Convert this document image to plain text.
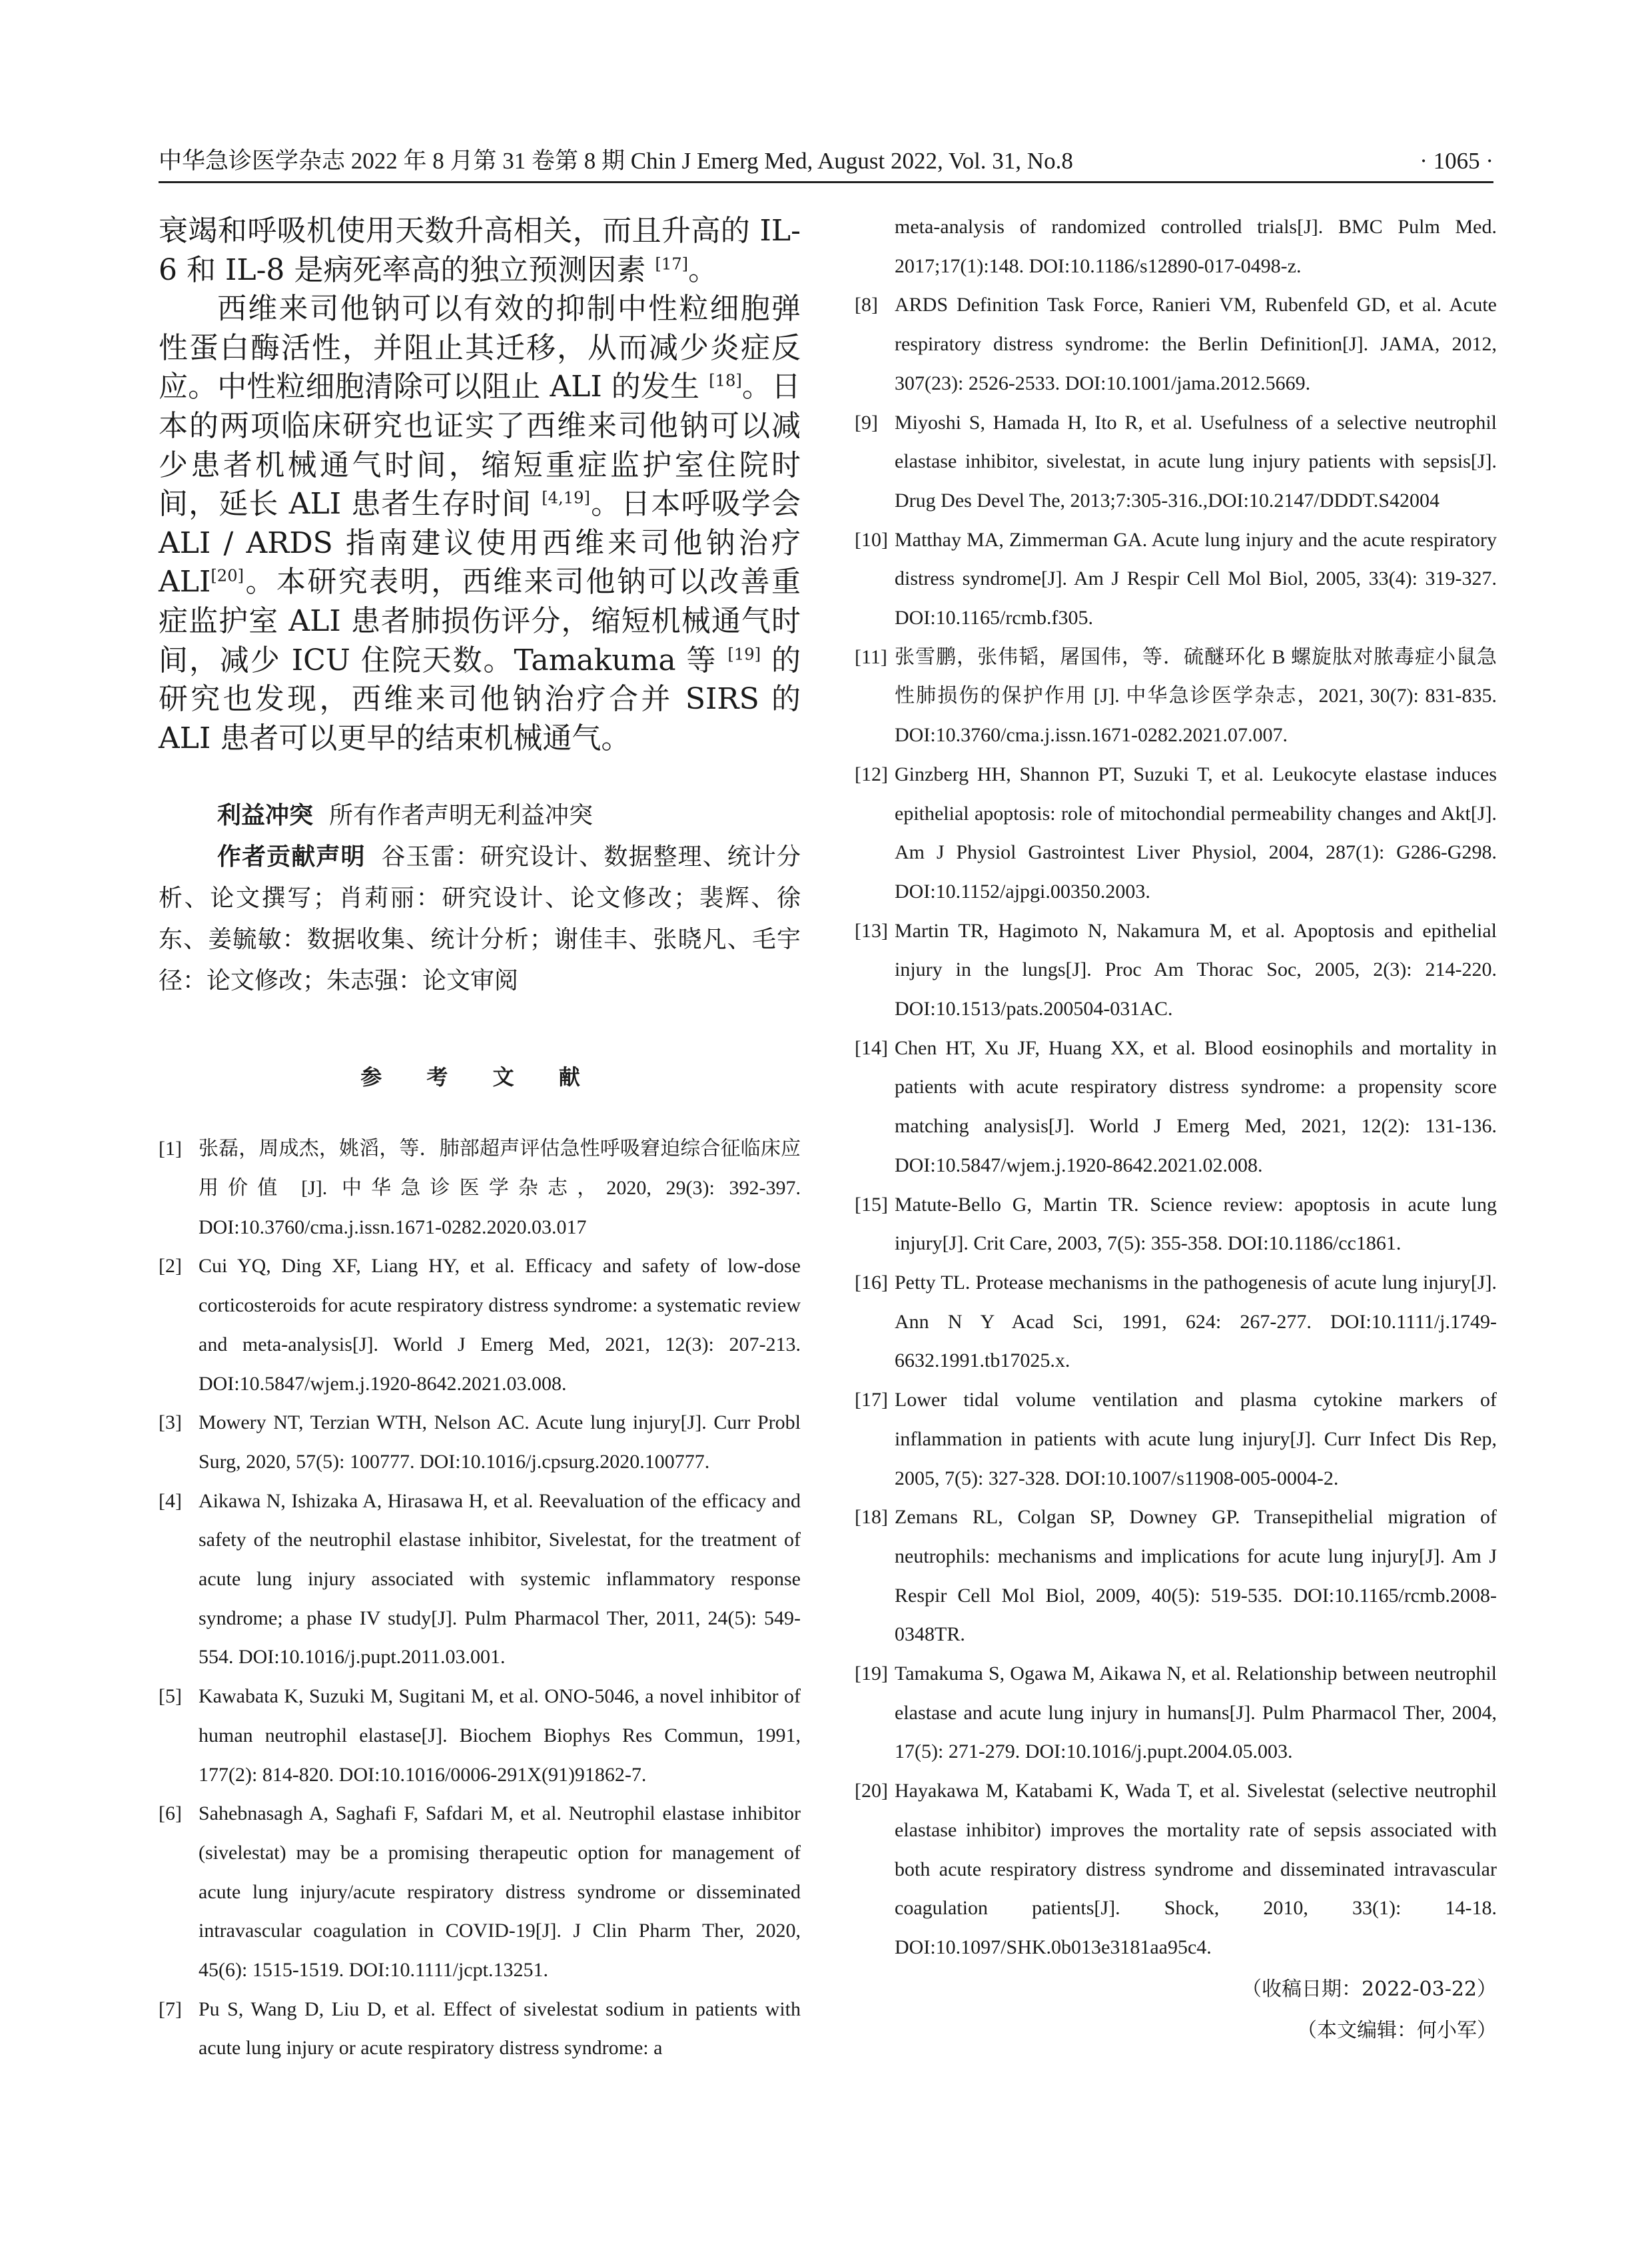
中华急诊医学杂志 2022 年 8 月第 31 卷第 8 期 Chin J Emerg Med, August 2022, Vol. 31, No.8	· 1065 ·

衰竭和呼吸机使用天数升高相关，而且升高的 IL-6 和 IL-8 是病死率高的独立预测因素 [17]。

西维来司他钠可以有效的抑制中性粒细胞弹性蛋白酶活性，并阻止其迁移，从而减少炎症反应。中性粒细胞清除可以阻止 ALI 的发生 [18]。日本的两项临床研究也证实了西维来司他钠可以减少患者机械通气时间，缩短重症监护室住院时间，延长 ALI 患者生存时间 [4,19]。日本呼吸学会 ALI / ARDS 指南建议使用西维来司他钠治疗 ALI[20]。本研究表明，西维来司他钠可以改善重症监护室 ALI 患者肺损伤评分，缩短机械通气时间，减少 ICU 住院天数。Tamakuma 等 [19] 的研究也发现，西维来司他钠治疗合并 SIRS 的 ALI 患者可以更早的结束机械通气。

利益冲突 所有作者声明无利益冲突

作者贡献声明 谷玉雷：研究设计、数据整理、统计分析、论文撰写；肖莉丽：研究设计、论文修改；裴辉、徐东、姜毓敏：数据收集、统计分析；谢佳丰、张晓凡、毛宇径：论文修改；朱志强：论文审阅

参 考 文 献
[1] 张磊，周成杰，姚滔，等．肺部超声评估急性呼吸窘迫综合征临床应用价值 [J]. 中华急诊医学杂志，2020, 29(3): 392-397. DOI:10.3760/cma.j.issn.1671-0282.2020.03.017
[2] Cui YQ, Ding XF, Liang HY, et al. Efficacy and safety of low-dose corticosteroids for acute respiratory distress syndrome: a systematic review and meta-analysis[J]. World J Emerg Med, 2021, 12(3): 207-213. DOI:10.5847/wjem.j.1920-8642.2021.03.008.
[3] Mowery NT, Terzian WTH, Nelson AC. Acute lung injury[J]. Curr Probl Surg, 2020, 57(5): 100777. DOI:10.1016/j.cpsurg.2020.100777.
[4] Aikawa N, Ishizaka A, Hirasawa H, et al. Reevaluation of the efficacy and safety of the neutrophil elastase inhibitor, Sivelestat, for the treatment of acute lung injury associated with systemic inflammatory response syndrome; a phase IV study[J]. Pulm Pharmacol Ther, 2011, 24(5): 549-554. DOI:10.1016/j.pupt.2011.03.001.
[5] Kawabata K, Suzuki M, Sugitani M, et al. ONO-5046, a novel inhibitor of human neutrophil elastase[J]. Biochem Biophys Res Commun, 1991, 177(2): 814-820. DOI:10.1016/0006-291X(91)91862-7.
[6] Sahebnasagh A, Saghafi F, Safdari M, et al. Neutrophil elastase inhibitor (sivelestat) may be a promising therapeutic option for management of acute lung injury/acute respiratory distress syndrome or disseminated intravascular coagulation in COVID-19[J]. J Clin Pharm Ther, 2020, 45(6): 1515-1519. DOI:10.1111/jcpt.13251.
[7] Pu S, Wang D, Liu D, et al. Effect of sivelestat sodium in patients with acute lung injury or acute respiratory distress syndrome: a
meta-analysis of randomized controlled trials[J]. BMC Pulm Med. 2017;17(1):148. DOI:10.1186/s12890-017-0498-z.
[8] ARDS Definition Task Force, Ranieri VM, Rubenfeld GD, et al. Acute respiratory distress syndrome: the Berlin Definition[J]. JAMA, 2012, 307(23): 2526-2533. DOI:10.1001/jama.2012.5669.
[9] Miyoshi S, Hamada H, Ito R, et al. Usefulness of a selective neutrophil elastase inhibitor, sivelestat, in acute lung injury patients with sepsis[J]. Drug Des Devel The, 2013;7:305-316.,DOI:10.2147/DDDT.S42004
[10] Matthay MA, Zimmerman GA. Acute lung injury and the acute respiratory distress syndrome[J]. Am J Respir Cell Mol Biol, 2005, 33(4): 319-327. DOI:10.1165/rcmb.f305.
[11] 张雪鹏，张伟韬，屠国伟，等．硫醚环化 B 螺旋肽对脓毒症小鼠急性肺损伤的保护作用 [J]. 中华急诊医学杂志，2021, 30(7): 831-835. DOI:10.3760/cma.j.issn.1671-0282.2021.07.007.
[12] Ginzberg HH, Shannon PT, Suzuki T, et al. Leukocyte elastase induces epithelial apoptosis: role of mitochondial permeability changes and Akt[J]. Am J Physiol Gastrointest Liver Physiol, 2004, 287(1): G286-G298. DOI:10.1152/ajpgi.00350.2003.
[13] Martin TR, Hagimoto N, Nakamura M, et al. Apoptosis and epithelial injury in the lungs[J]. Proc Am Thorac Soc, 2005, 2(3): 214-220. DOI:10.1513/pats.200504-031AC.
[14] Chen HT, Xu JF, Huang XX, et al. Blood eosinophils and mortality in patients with acute respiratory distress syndrome: a propensity score matching analysis[J]. World J Emerg Med, 2021, 12(2): 131-136. DOI:10.5847/wjem.j.1920-8642.2021.02.008.
[15] Matute-Bello G, Martin TR. Science review: apoptosis in acute lung injury[J]. Crit Care, 2003, 7(5): 355-358. DOI:10.1186/cc1861.
[16] Petty TL. Protease mechanisms in the pathogenesis of acute lung injury[J]. Ann N Y Acad Sci, 1991, 624: 267-277. DOI:10.1111/j.1749-6632.1991.tb17025.x.
[17] Lower tidal volume ventilation and plasma cytokine markers of inflammation in patients with acute lung injury[J]. Curr Infect Dis Rep, 2005, 7(5): 327-328. DOI:10.1007/s11908-005-0004-2.
[18] Zemans RL, Colgan SP, Downey GP. Transepithelial migration of neutrophils: mechanisms and implications for acute lung injury[J]. Am J Respir Cell Mol Biol, 2009, 40(5): 519-535. DOI:10.1165/rcmb.2008-0348TR.
[19] Tamakuma S, Ogawa M, Aikawa N, et al. Relationship between neutrophil elastase and acute lung injury in humans[J]. Pulm Pharmacol Ther, 2004, 17(5): 271-279. DOI:10.1016/j.pupt.2004.05.003.
[20] Hayakawa M, Katabami K, Wada T, et al. Sivelestat (selective neutrophil elastase inhibitor) improves the mortality rate of sepsis associated with both acute respiratory distress syndrome and disseminated intravascular coagulation patients[J]. Shock, 2010, 33(1): 14-18. DOI:10.1097/SHK.0b013e3181aa95c4.
（收稿日期：2022-03-22）
（本文编辑：何小军）
